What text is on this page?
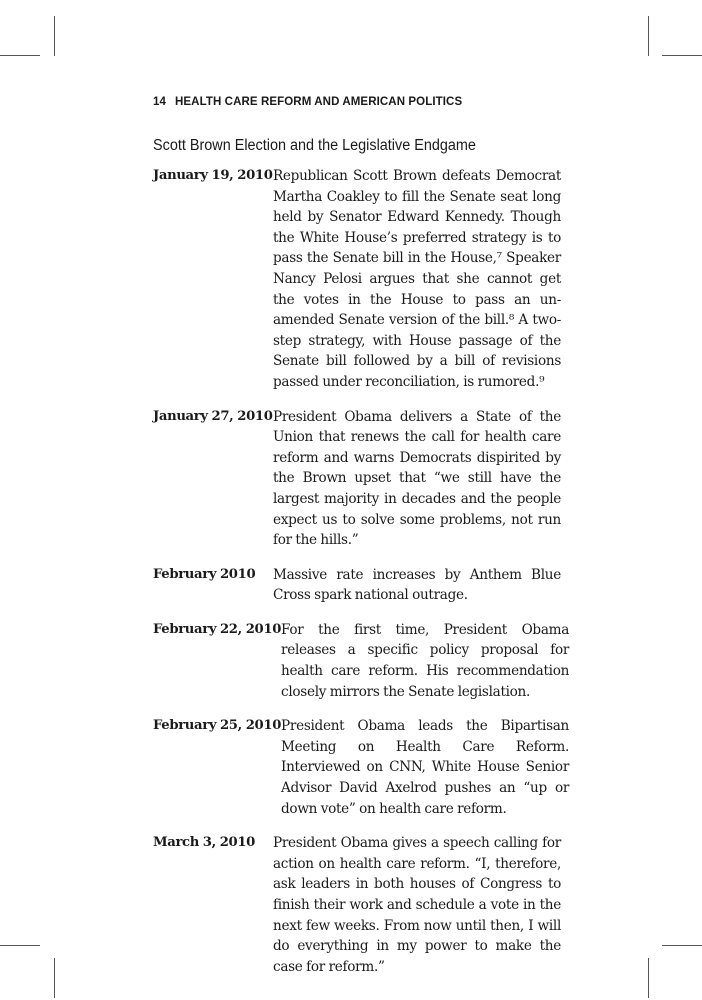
14 HEALTH CARE REFORM AND AMERICAN POLITICS
Scott Brown Election and the Legislative Endgame
January 19, 2010 Republican Scott Brown defeats Democrat Martha Coakley to fill the Senate seat long held by Senator Edward Kennedy. Though the White House’s preferred strategy is to pass the Senate bill in the House,⁷ Speaker Nancy Pelosi argues that she cannot get the votes in the House to pass an un-amended Senate version of the bill.⁸ A two-step strategy, with House passage of the Senate bill followed by a bill of revisions passed under reconciliation, is rumored.⁹
January 27, 2010 President Obama delivers a State of the Union that renews the call for health care reform and warns Democrats dispirited by the Brown upset that “we still have the largest majority in decades and the people expect us to solve some problems, not run for the hills.”
February 2010	Massive rate increases by Anthem Blue Cross spark national outrage.
February 22, 2010 For the first time, President Obama releases a specific policy proposal for health care reform. His recommendation closely mirrors the Senate legislation.
February 25, 2010 President Obama leads the Bipartisan Meeting on Health Care Reform. Interviewed on CNN, White House Senior Advisor David Axelrod pushes an “up or down vote” on health care reform.
March 3, 2010	President Obama gives a speech calling for action on health care reform. “I, therefore, ask leaders in both houses of Congress to finish their work and schedule a vote in the next few weeks. From now until then, I will do everything in my power to make the case for reform.”
